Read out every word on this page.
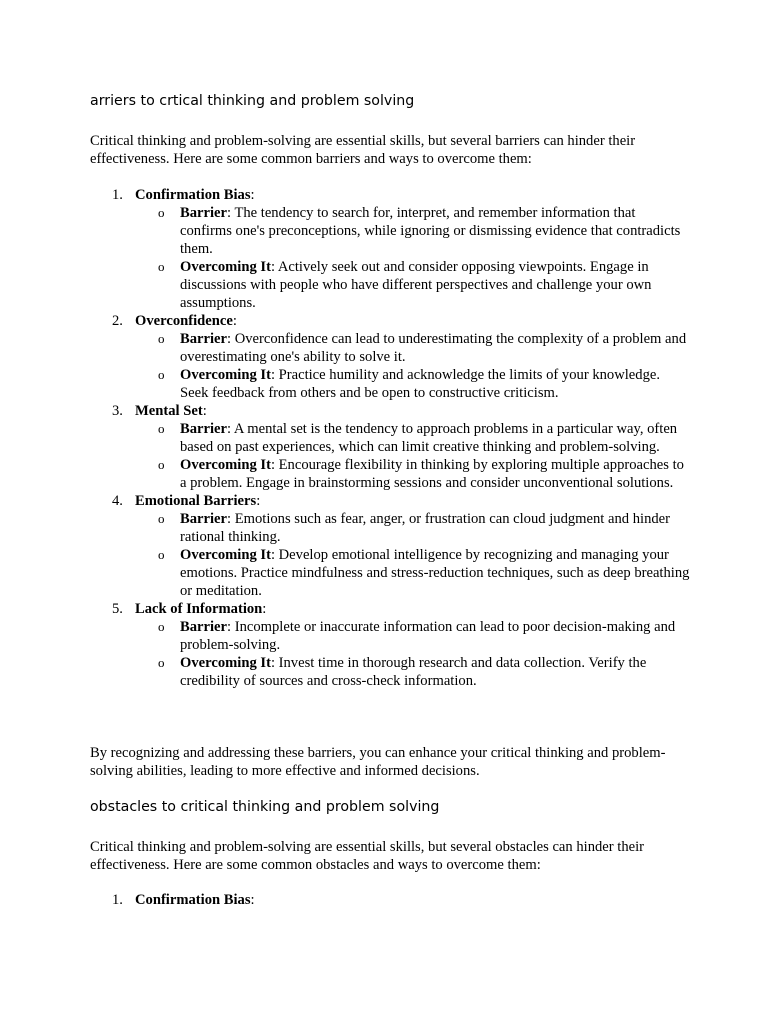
arriers to crtical thinking and problem solving

Critical thinking and problem-solving are essential skills, but several barriers can hinder their effectiveness. Here are some common barriers and ways to overcome them:

1. Confirmation Bias:
o Barrier: The tendency to search for, interpret, and remember information that confirms one's preconceptions, while ignoring or dismissing evidence that contradicts them.
o Overcoming It: Actively seek out and consider opposing viewpoints. Engage in discussions with people who have different perspectives and challenge your own assumptions.
2. Overconfidence:
o Barrier: Overconfidence can lead to underestimating the complexity of a problem and overestimating one's ability to solve it.
o Overcoming It: Practice humility and acknowledge the limits of your knowledge. Seek feedback from others and be open to constructive criticism.
3. Mental Set:
o Barrier: A mental set is the tendency to approach problems in a particular way, often based on past experiences, which can limit creative thinking and problem-solving.
o Overcoming It: Encourage flexibility in thinking by exploring multiple approaches to a problem. Engage in brainstorming sessions and consider unconventional solutions.
4. Emotional Barriers:
o Barrier: Emotions such as fear, anger, or frustration can cloud judgment and hinder rational thinking.
o Overcoming It: Develop emotional intelligence by recognizing and managing your emotions. Practice mindfulness and stress-reduction techniques, such as deep breathing or meditation.
5. Lack of Information:
o Barrier: Incomplete or inaccurate information can lead to poor decision-making and problem-solving.
o Overcoming It: Invest time in thorough research and data collection. Verify the credibility of sources and cross-check information.

By recognizing and addressing these barriers, you can enhance your critical thinking and problem-solving abilities, leading to more effective and informed decisions.

obstacles to critical thinking and problem solving

Critical thinking and problem-solving are essential skills, but several obstacles can hinder their effectiveness. Here are some common obstacles and ways to overcome them:

1. Confirmation Bias:
